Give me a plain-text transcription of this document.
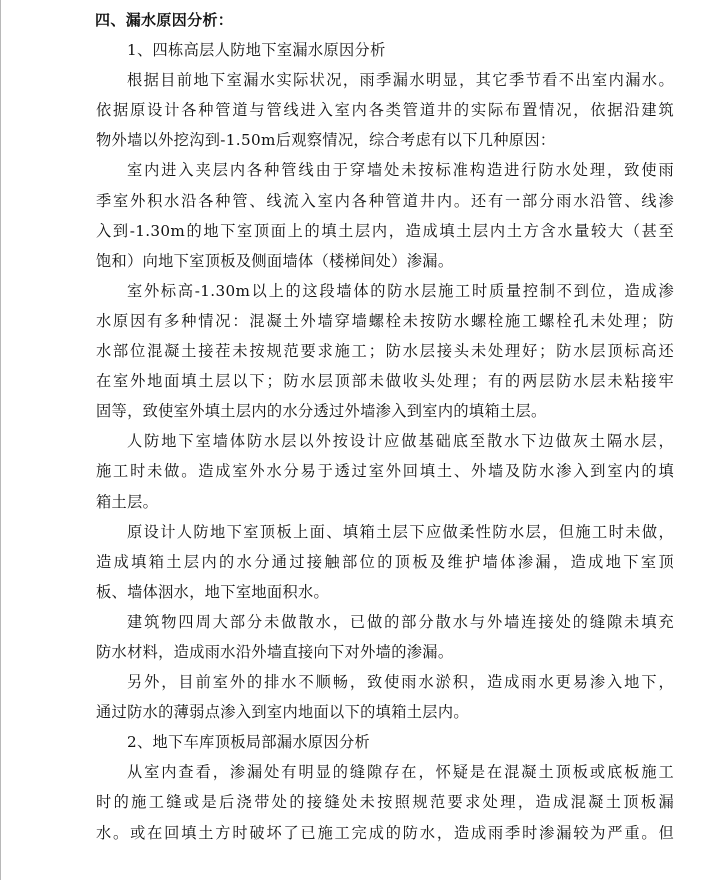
四、漏水原因分析：
1、四栋高层人防地下室漏水原因分析
根据目前地下室漏水实际状况，雨季漏水明显，其它季节看不出室内漏水。
依据原设计各种管道与管线进入室内各类管道井的实际布置情况，依据沿建筑
物外墙以外挖沟到-1.50m后观察情况，综合考虑有以下几种原因：
室内进入夹层内各种管线由于穿墙处未按标准构造进行防水处理，致使雨
季室外积水沿各种管、线流入室内各种管道井内。还有一部分雨水沿管、线渗
入到-1.30m的地下室顶面上的填土层内，造成填土层内土方含水量较大（甚至
饱和）向地下室顶板及侧面墙体（楼梯间处）渗漏。
室外标高-1.30m以上的这段墙体的防水层施工时质量控制不到位，造成渗
水原因有多种情况：混凝土外墙穿墙螺栓未按防水螺栓施工螺栓孔未处理；防
水部位混凝土接茬未按规范要求施工；防水层接头未处理好；防水层顶标高还
在室外地面填土层以下；防水层顶部未做收头处理；有的两层防水层未粘接牢
固等，致使室外填土层内的水分透过外墙渗入到室内的填箱土层。
人防地下室墙体防水层以外按设计应做基础底至散水下边做灰土隔水层，
施工时未做。造成室外水分易于透过室外回填土、外墙及防水渗入到室内的填
箱土层。
原设计人防地下室顶板上面、填箱土层下应做柔性防水层，但施工时未做，
造成填箱土层内的水分通过接触部位的顶板及维护墙体渗漏，造成地下室顶
板、墙体洇水，地下室地面积水。
建筑物四周大部分未做散水，已做的部分散水与外墙连接处的缝隙未填充
防水材料，造成雨水沿外墙直接向下对外墙的渗漏。
另外，目前室外的排水不顺畅，致使雨水淤积，造成雨水更易渗入地下，
通过防水的薄弱点渗入到室内地面以下的填箱土层内。
2、地下车库顶板局部漏水原因分析
从室内查看，渗漏处有明显的缝隙存在，怀疑是在混凝土顶板或底板施工
时的施工缝或是后浇带处的接缝处未按照规范要求处理，造成混凝土顶板漏
水。或在回填土方时破坏了已施工完成的防水，造成雨季时渗漏较为严重。但
